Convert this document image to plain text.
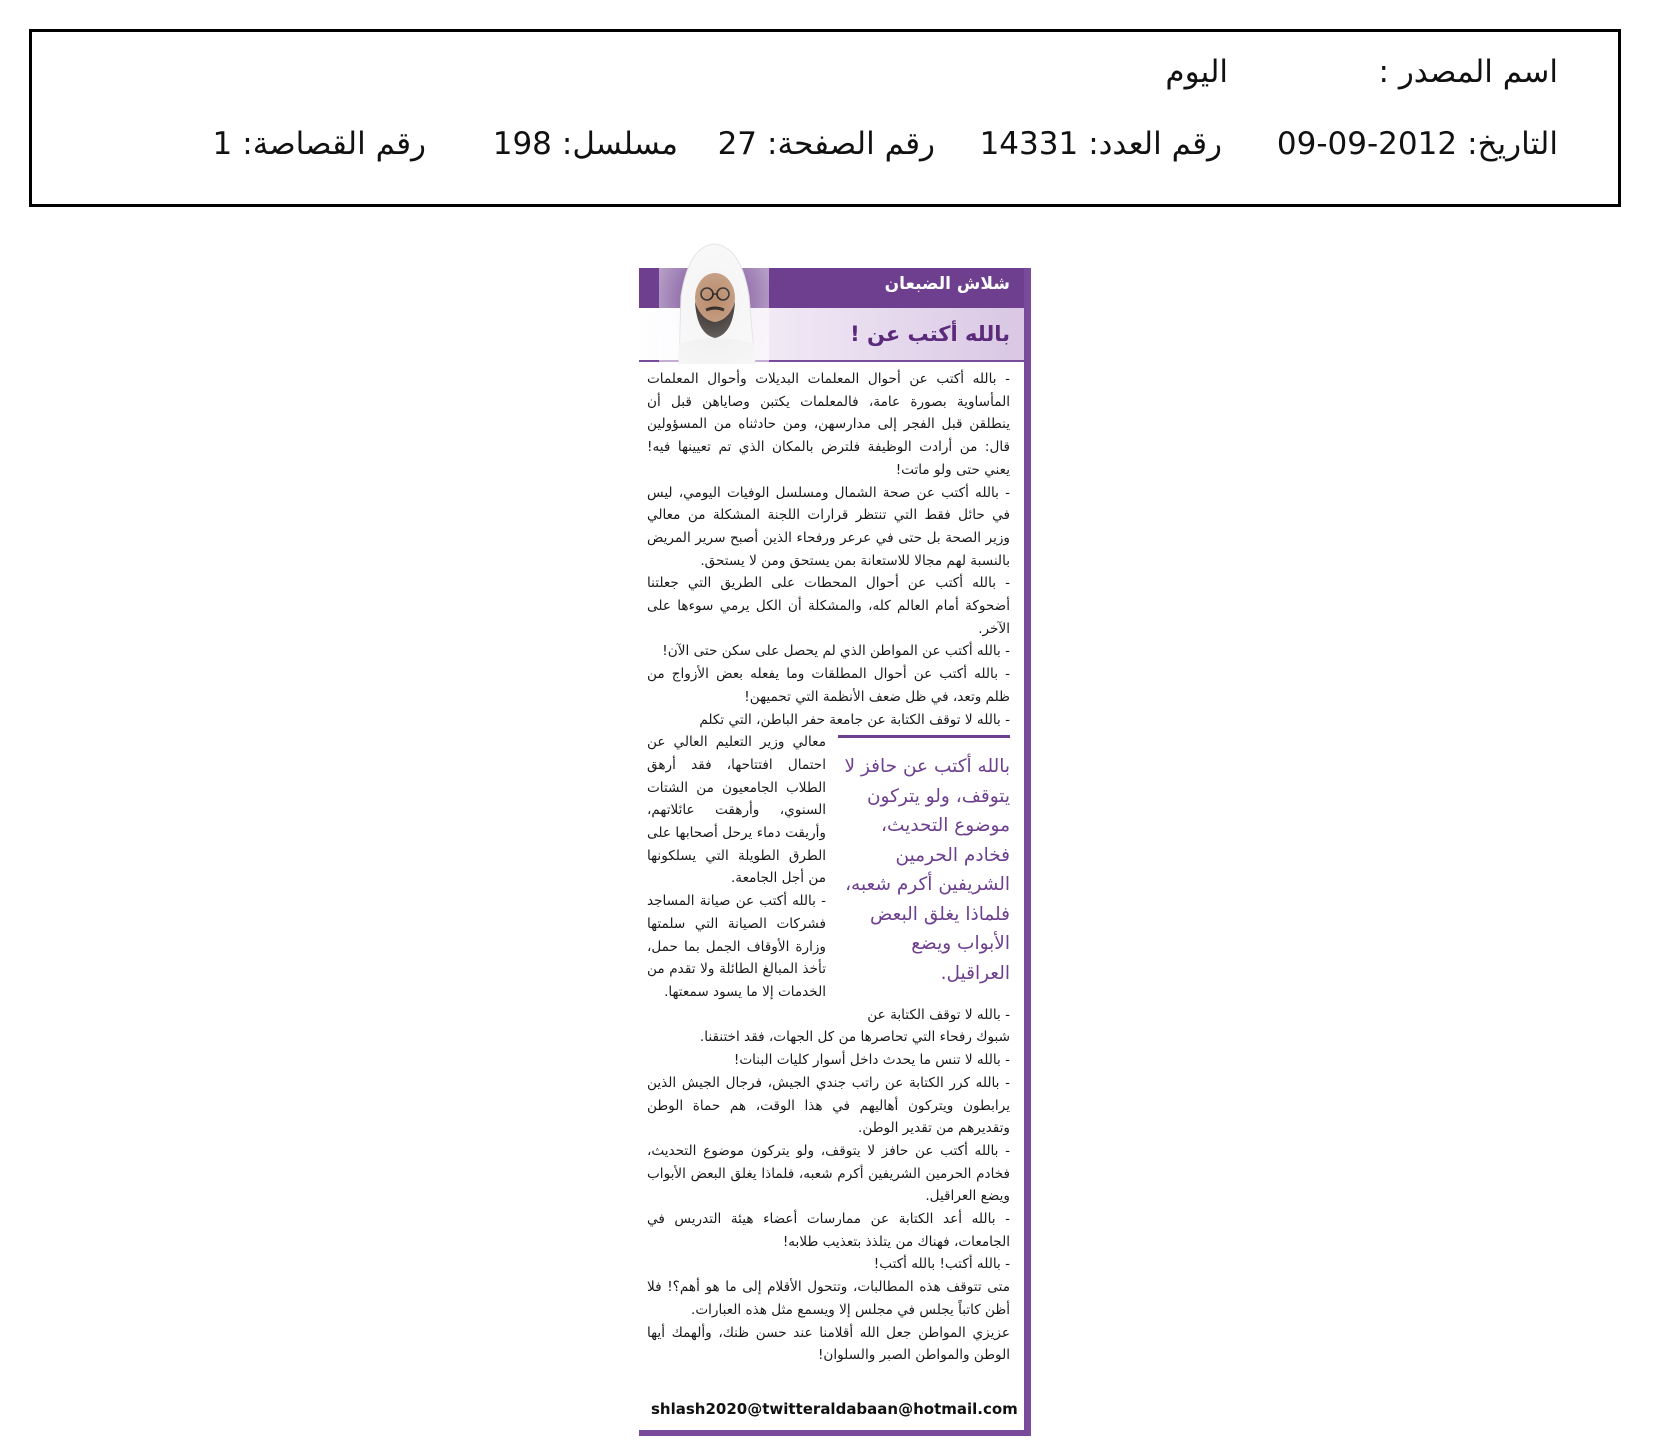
اسم المصدر :
اليوم
التاريخ:2012-09-09
رقم العدد:14331
رقم الصفحة:27
مسلسل:198
رقم القصاصة:1
شلاش الضبعان
بالله أكتب عن !

- بالله أكتب عن أحوال المعلمات البديلات وأحوال المعلمات المأساوية بصورة عامة، فالمعلمات يكتبن وصاياهن قبل أن ينطلقن قبل الفجر إلى مدارسهن، ومن حادثناه من المسؤولين قال: من أرادت الوظيفة فلترض بالمكان الذي تم تعيينها فيه! يعني حتى ولو ماتت!

- بالله أكتب عن صحة الشمال ومسلسل الوفيات اليومي، ليس في حائل فقط التي تنتظر قرارات اللجنة المشكلة من معالي وزير الصحة بل حتى في عرعر ورفحاء الذين أصبح سرير المريض بالنسبة لهم مجالا للاستعانة بمن يستحق ومن لا يستحق.

- بالله أكتب عن أحوال المحطات على الطريق التي جعلتنا أضحوكة أمام العالم كله، والمشكلة أن الكل يرمي سوءها على الآخر.

- بالله أكتب عن المواطن الذي لم يحصل على سكن حتى الآن!

- بالله أكتب عن أحوال المطلقات وما يفعله بعض الأزواج من ظلم وتعد، في ظل ضعف الأنظمة التي تحميهن!

- بالله لا توقف الكتابة عن جامعة حفر الباطن، التي تكلم

بالله أكتب عن حافز لا يتوقف، ولو يتركون موضوع التحديث، فخادم الحرمين الشريفين أكرم شعبه، فلماذا يغلق البعض الأبواب ويضع العراقيل.

معالي وزير التعليم العالي عن احتمال افتتاحها، فقد أرهق الطلاب الجامعيون من الشتات السنوي، وأرهقت عائلاتهم، وأريقت دماء يرحل أصحابها على الطرق الطويلة التي يسلكونها من أجل الجامعة.

- بالله أكتب عن صيانة المساجد فشركات الصيانة التي سلمتها وزارة الأوقاف الجمل بما حمل، تأخذ المبالغ الطائلة ولا تقدم من الخدمات إلا ما يسود سمعتها.

- بالله لا توقف الكتابة عن

شبوك رفحاء التي تحاصرها من كل الجهات، فقد اختنقنا.

- بالله لا تنس ما يحدث داخل أسوار كليات البنات!

- بالله كرر الكتابة عن راتب جندي الجيش، فرجال الجيش الذين يرابطون ويتركون أهاليهم في هذا الوقت، هم حماة الوطن وتقديرهم من تقدير الوطن.

- بالله أكتب عن حافز لا يتوقف، ولو يتركون موضوع التحديث، فخادم الحرمين الشريفين أكرم شعبه، فلماذا يغلق البعض الأبواب ويضع العراقيل.

- بالله أعد الكتابة عن ممارسات أعضاء هيئة التدريس في الجامعات، فهناك من يتلذذ بتعذيب طلابه!

- بالله أكتب! بالله أكتب!

متى تتوقف هذه المطالبات، وتتحول الأقلام إلى ما هو أهم؟! فلا أظن كاتباً يجلس في مجلس إلا ويسمع مثل هذه العبارات.

عزيزي المواطن جعل الله أقلامنا عند حسن ظنك، وألهمك أيها الوطن والمواطن الصبر والسلوان!

shlash2020@twitter aldabaan@hotmail.com
